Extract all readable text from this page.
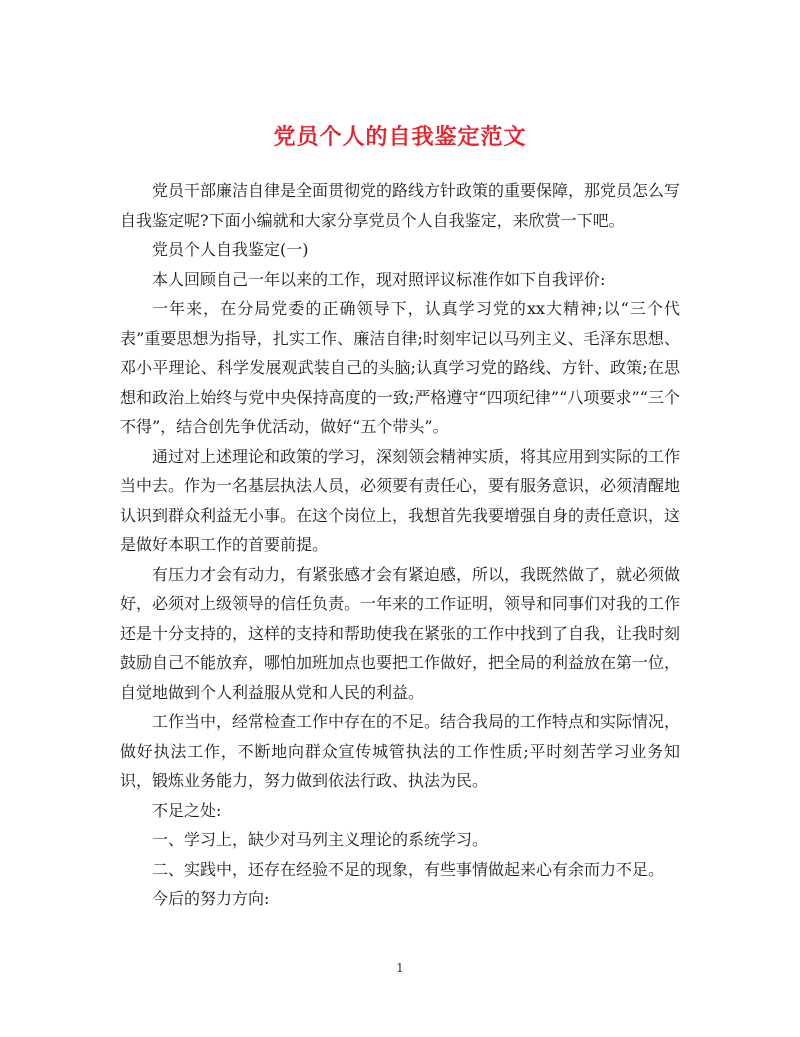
党员个人的自我鉴定范文

党员干部廉洁自律是全面贯彻党的路线方针政策的重要保障，那党员怎么写自我鉴定呢?下面小编就和大家分享党员个人自我鉴定，来欣赏一下吧。

党员个人自我鉴定(一)

本人回顾自己一年以来的工作，现对照评议标准作如下自我评价:

一年来，在分局党委的正确领导下，认真学习党的xx大精神;以“三个代表”重要思想为指导，扎实工作、廉洁自律;时刻牢记以马列主义、毛泽东思想、邓小平理论、科学发展观武装自己的头脑;认真学习党的路线、方针、政策;在思想和政治上始终与党中央保持高度的一致;严格遵守“四项纪律”“八项要求”“三个不得”，结合创先争优活动，做好“五个带头”。

通过对上述理论和政策的学习，深刻领会精神实质，将其应用到实际的工作当中去。作为一名基层执法人员，必须要有责任心，要有服务意识，必须清醒地认识到群众利益无小事。在这个岗位上，我想首先我要增强自身的责任意识，这是做好本职工作的首要前提。

有压力才会有动力，有紧张感才会有紧迫感，所以，我既然做了，就必须做好，必须对上级领导的信任负责。一年来的工作证明，领导和同事们对我的工作还是十分支持的，这样的支持和帮助使我在紧张的工作中找到了自我，让我时刻鼓励自己不能放弃，哪怕加班加点也要把工作做好，把全局的利益放在第一位，自觉地做到个人利益服从党和人民的利益。

工作当中，经常检查工作中存在的不足。结合我局的工作特点和实际情况，做好执法工作，不断地向群众宣传城管执法的工作性质;平时刻苦学习业务知识，锻炼业务能力，努力做到依法行政、执法为民。

不足之处:

一、学习上，缺少对马列主义理论的系统学习。

二、实践中，还存在经验不足的现象，有些事情做起来心有余而力不足。

今后的努力方向:

1
